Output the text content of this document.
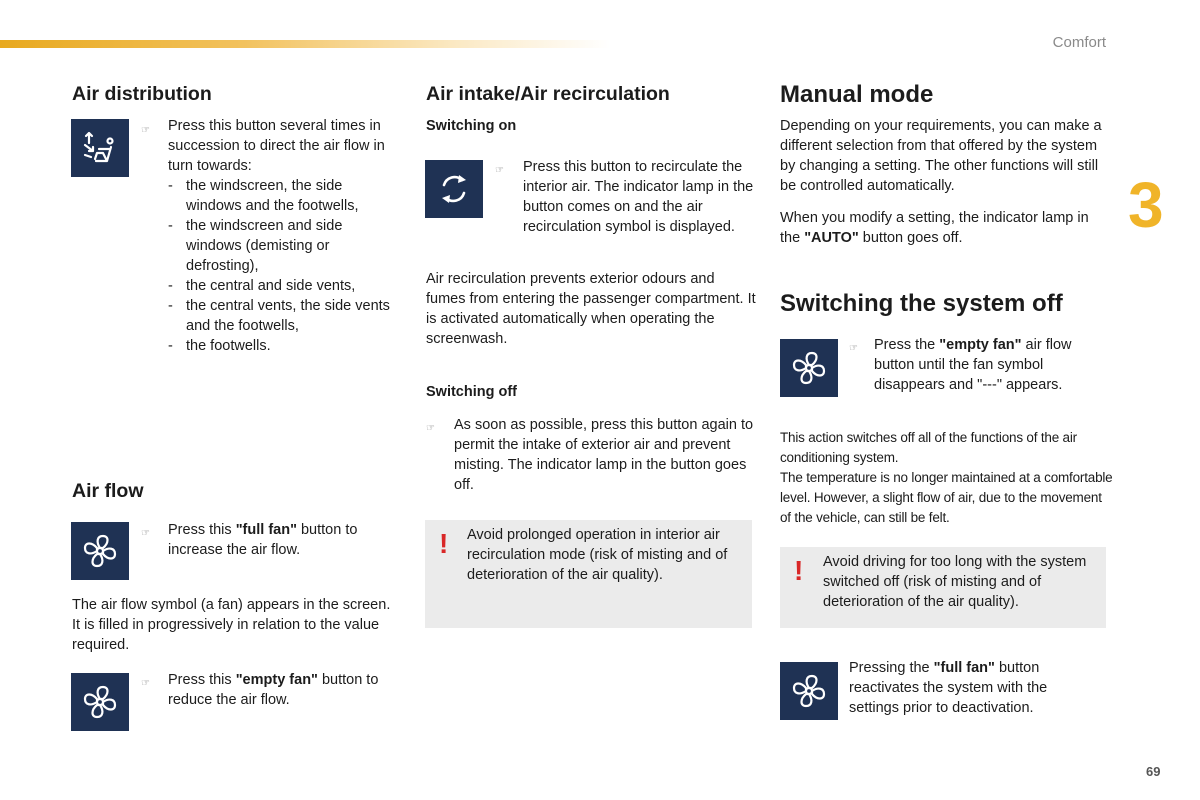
Comfort
3
69
Air distribution
☞ Press this button several times in succession to direct the air flow in turn towards:

- the windscreen, the side windows and the footwells,
- the windscreen and side windows (demisting or defrosting),
- the central and side vents,
- the central vents, the side vents and the footwells,
- the footwells.
Air flow
☞ Press this "full fan" button to increase the air flow.

The air flow symbol (a fan) appears in the screen. It is filled in progressively in relation to the value required.

☞ Press this "empty fan" button to reduce the air flow.

Air intake/Air recirculation
Switching on
☞ Press this button to recirculate the interior air. The indicator lamp in the button comes on and the air recirculation symbol is displayed.

Air recirculation prevents exterior odours and fumes from entering the passenger compartment. It is activated automatically when operating the screenwash.

Switching off
☞ As soon as possible, press this button again to permit the intake of exterior air and prevent misting. The indicator lamp in the button goes off.

! Avoid prolonged operation in interior air recirculation mode (risk of misting and of deterioration of the air quality).

Manual mode

Depending on your requirements, you can make a different selection from that offered by the system by changing a setting. The other functions will still be controlled automatically.

When you modify a setting, the indicator lamp in the "AUTO" button goes off.

Switching the system off
☞ Press the "empty fan" air flow button until the fan symbol disappears and "---" appears.

This action switches off all of the functions of the air conditioning system.

The temperature is no longer maintained at a comfortable level. However, a slight flow of air, due to the movement of the vehicle, can still be felt.

! Avoid driving for too long with the system switched off (risk of misting and of deterioration of the air quality).

Pressing the "full fan" button reactivates the system with the settings prior to deactivation.
